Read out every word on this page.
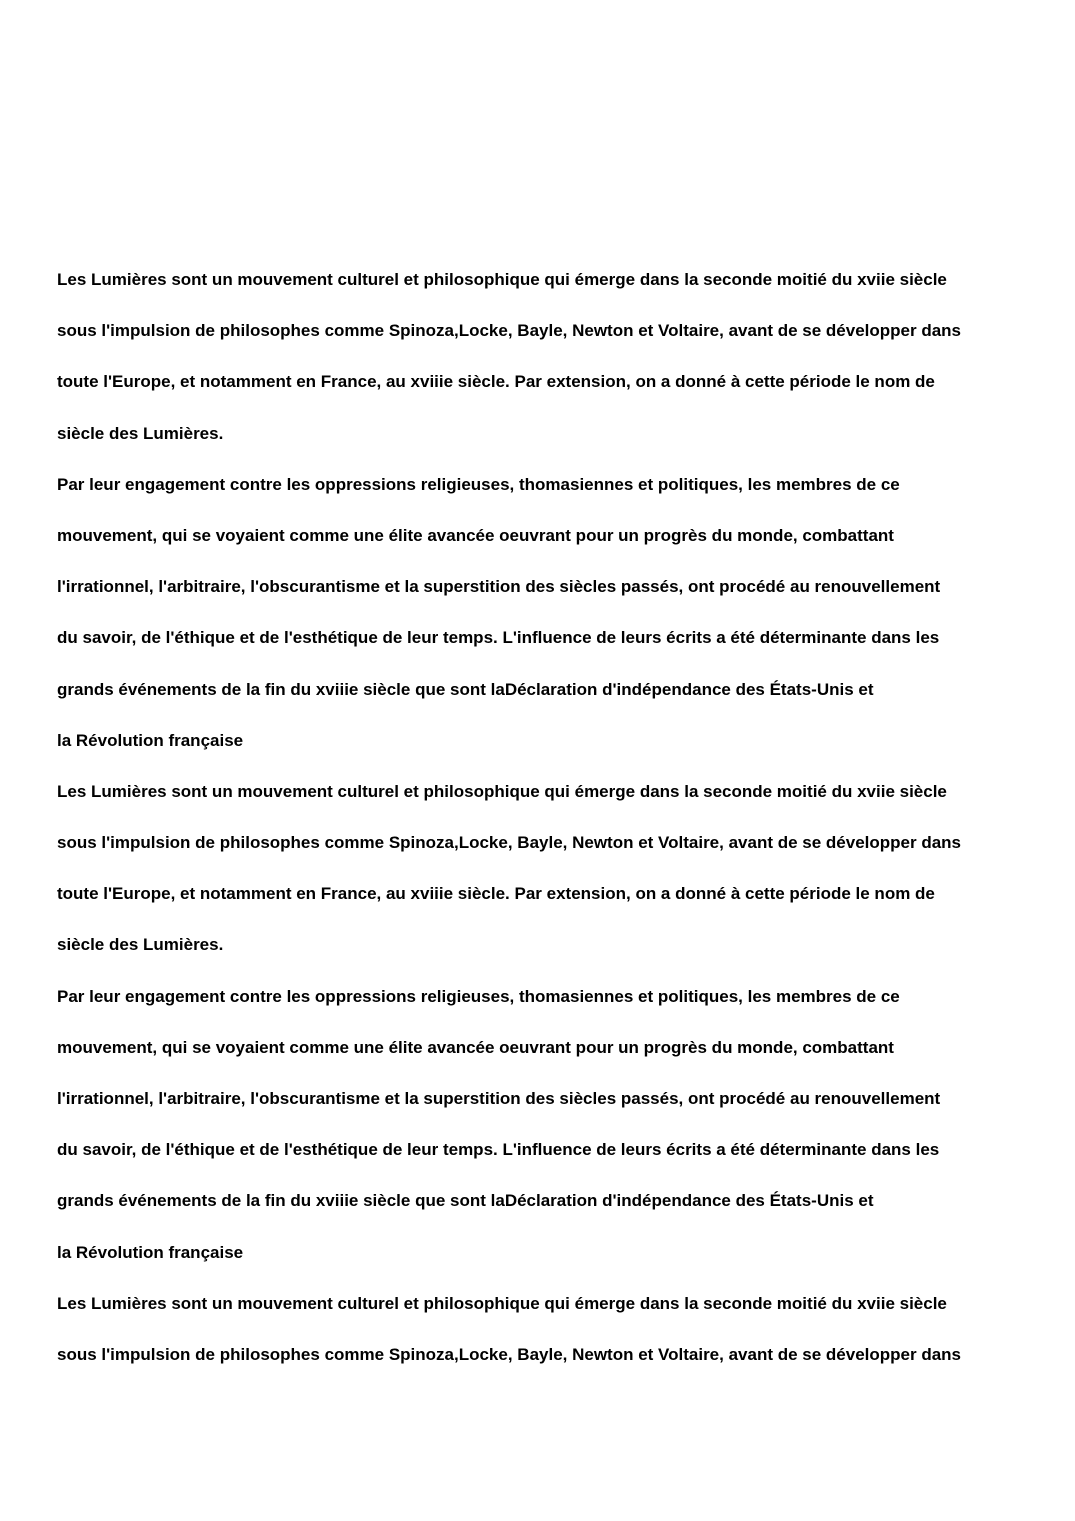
Les Lumières sont un mouvement culturel et philosophique qui émerge dans la seconde moitié du xviie siècle
sous l'impulsion de philosophes comme Spinoza,Locke, Bayle, Newton et Voltaire, avant de se développer dans
toute l'Europe, et notamment en France, au xviiie siècle. Par extension, on a donné à cette période le nom de
siècle des Lumières.
Par leur engagement contre les oppressions religieuses, thomasiennes et politiques, les membres de ce
mouvement, qui se voyaient comme une élite avancée oeuvrant pour un progrès du monde, combattant
l'irrationnel, l'arbitraire, l'obscurantisme et la superstition des siècles passés, ont procédé au renouvellement
du savoir, de l'éthique et de l'esthétique de leur temps. L'influence de leurs écrits a été déterminante dans les
grands événements de la fin du xviiie siècle que sont laDéclaration d'indépendance des États-Unis et
la Révolution française
Les Lumières sont un mouvement culturel et philosophique qui émerge dans la seconde moitié du xviie siècle
sous l'impulsion de philosophes comme Spinoza,Locke, Bayle, Newton et Voltaire, avant de se développer dans
toute l'Europe, et notamment en France, au xviiie siècle. Par extension, on a donné à cette période le nom de
siècle des Lumières.
Par leur engagement contre les oppressions religieuses, thomasiennes et politiques, les membres de ce
mouvement, qui se voyaient comme une élite avancée oeuvrant pour un progrès du monde, combattant
l'irrationnel, l'arbitraire, l'obscurantisme et la superstition des siècles passés, ont procédé au renouvellement
du savoir, de l'éthique et de l'esthétique de leur temps. L'influence de leurs écrits a été déterminante dans les
grands événements de la fin du xviiie siècle que sont laDéclaration d'indépendance des États-Unis et
la Révolution française
Les Lumières sont un mouvement culturel et philosophique qui émerge dans la seconde moitié du xviie siècle
sous l'impulsion de philosophes comme Spinoza,Locke, Bayle, Newton et Voltaire, avant de se développer dans
